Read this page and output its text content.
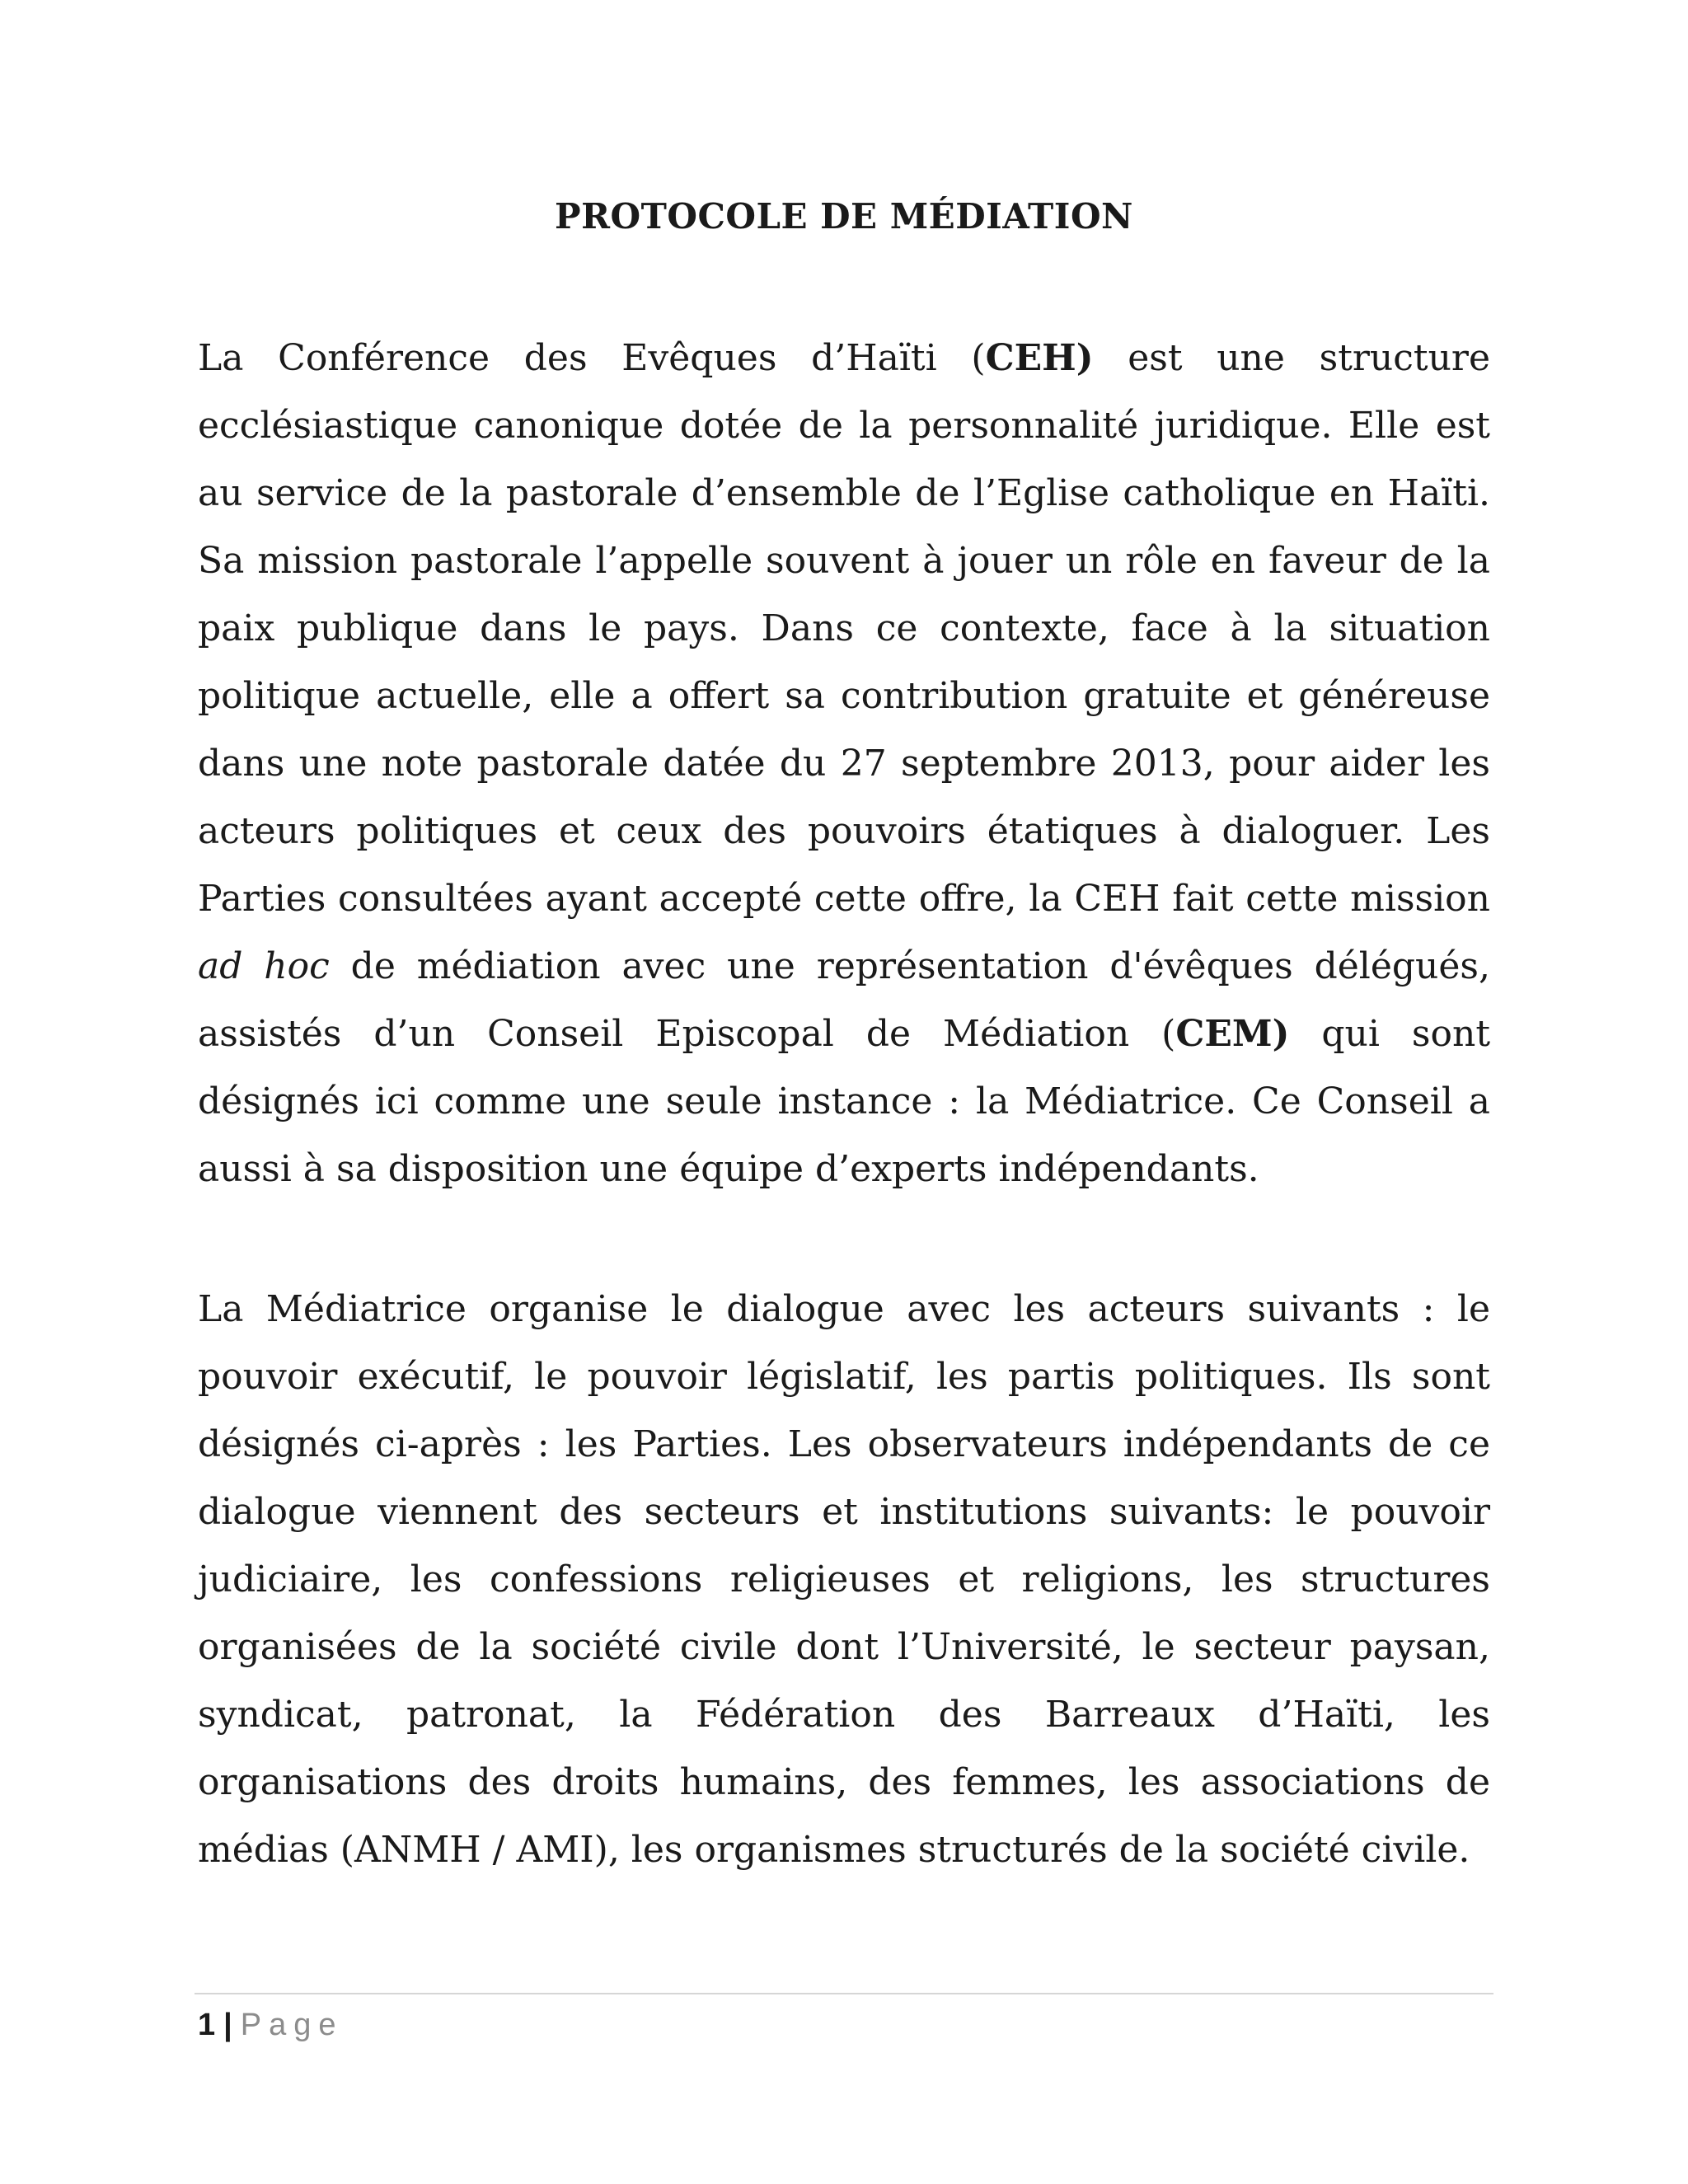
PROTOCOLE DE MÉDIATION

La Conférence des Evêques d’Haïti (CEH) est une structure ecclésiastique canonique dotée de la personnalité juridique. Elle est au service de la pastorale d’ensemble de l’Eglise catholique en Haïti. Sa mission pastorale l’appelle souvent à jouer un rôle en faveur de la paix publique dans le pays. Dans ce contexte, face à la situation politique actuelle, elle a offert sa contribution gratuite et généreuse dans une note pastorale datée du 27 septembre 2013, pour aider les acteurs politiques et ceux des pouvoirs étatiques à dialoguer. Les Parties consultées ayant accepté cette offre, la CEH fait cette mission ad hoc de médiation avec une représentation d'évêques délégués, assistés d’un Conseil Episcopal de Médiation (CEM) qui sont désignés ici comme une seule instance : la Médiatrice. Ce Conseil a aussi à sa disposition une équipe d’experts indépendants.

La Médiatrice organise le dialogue avec les acteurs suivants : le pouvoir exécutif, le pouvoir législatif, les partis politiques. Ils sont désignés ci-après : les Parties. Les observateurs indépendants de ce dialogue viennent des secteurs et institutions suivants: le pouvoir judiciaire, les confessions religieuses et religions, les structures organisées de la société civile dont l’Université, le secteur paysan, syndicat, patronat, la Fédération des Barreaux d’Haïti, les organisations des droits humains, des femmes, les associations de médias (ANMH / AMI), les organismes structurés de la société civile.

1 | Page
